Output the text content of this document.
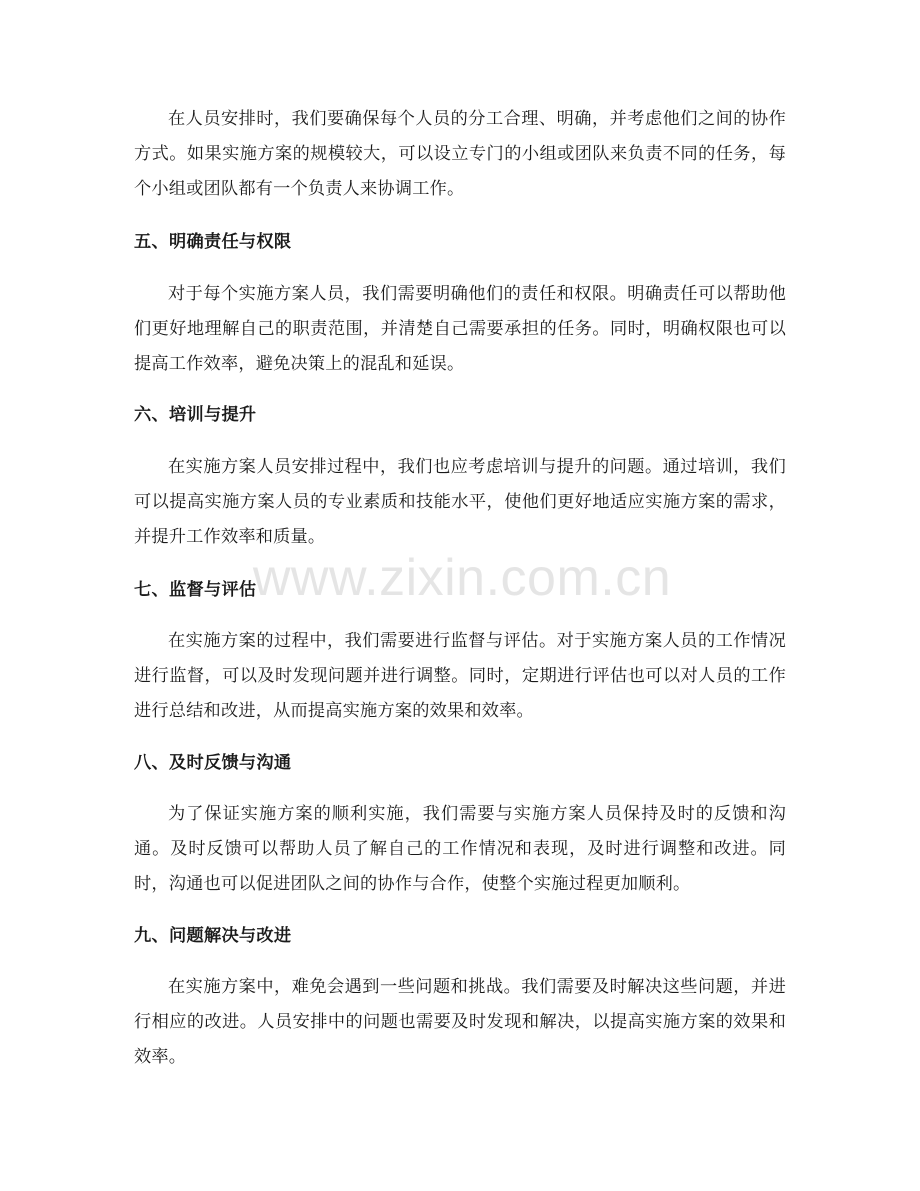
在人员安排时，我们要确保每个人员的分工合理、明确，并考虑他们之间的协作方式。如果实施方案的规模较大，可以设立专门的小组或团队来负责不同的任务，每个小组或团队都有一个负责人来协调工作。

五、明确责任与权限

对于每个实施方案人员，我们需要明确他们的责任和权限。明确责任可以帮助他们更好地理解自己的职责范围，并清楚自己需要承担的任务。同时，明确权限也可以提高工作效率，避免决策上的混乱和延误。

六、培训与提升

在实施方案人员安排过程中，我们也应考虑培训与提升的问题。通过培训，我们可以提高实施方案人员的专业素质和技能水平，使他们更好地适应实施方案的需求，并提升工作效率和质量。

七、监督与评估

在实施方案的过程中，我们需要进行监督与评估。对于实施方案人员的工作情况进行监督，可以及时发现问题并进行调整。同时，定期进行评估也可以对人员的工作进行总结和改进，从而提高实施方案的效果和效率。

八、及时反馈与沟通

为了保证实施方案的顺利实施，我们需要与实施方案人员保持及时的反馈和沟通。及时反馈可以帮助人员了解自己的工作情况和表现，及时进行调整和改进。同时，沟通也可以促进团队之间的协作与合作，使整个实施过程更加顺利。

九、问题解决与改进

在实施方案中，难免会遇到一些问题和挑战。我们需要及时解决这些问题，并进行相应的改进。人员安排中的问题也需要及时发现和解决，以提高实施方案的效果和效率。

www.zixin.com.cn
